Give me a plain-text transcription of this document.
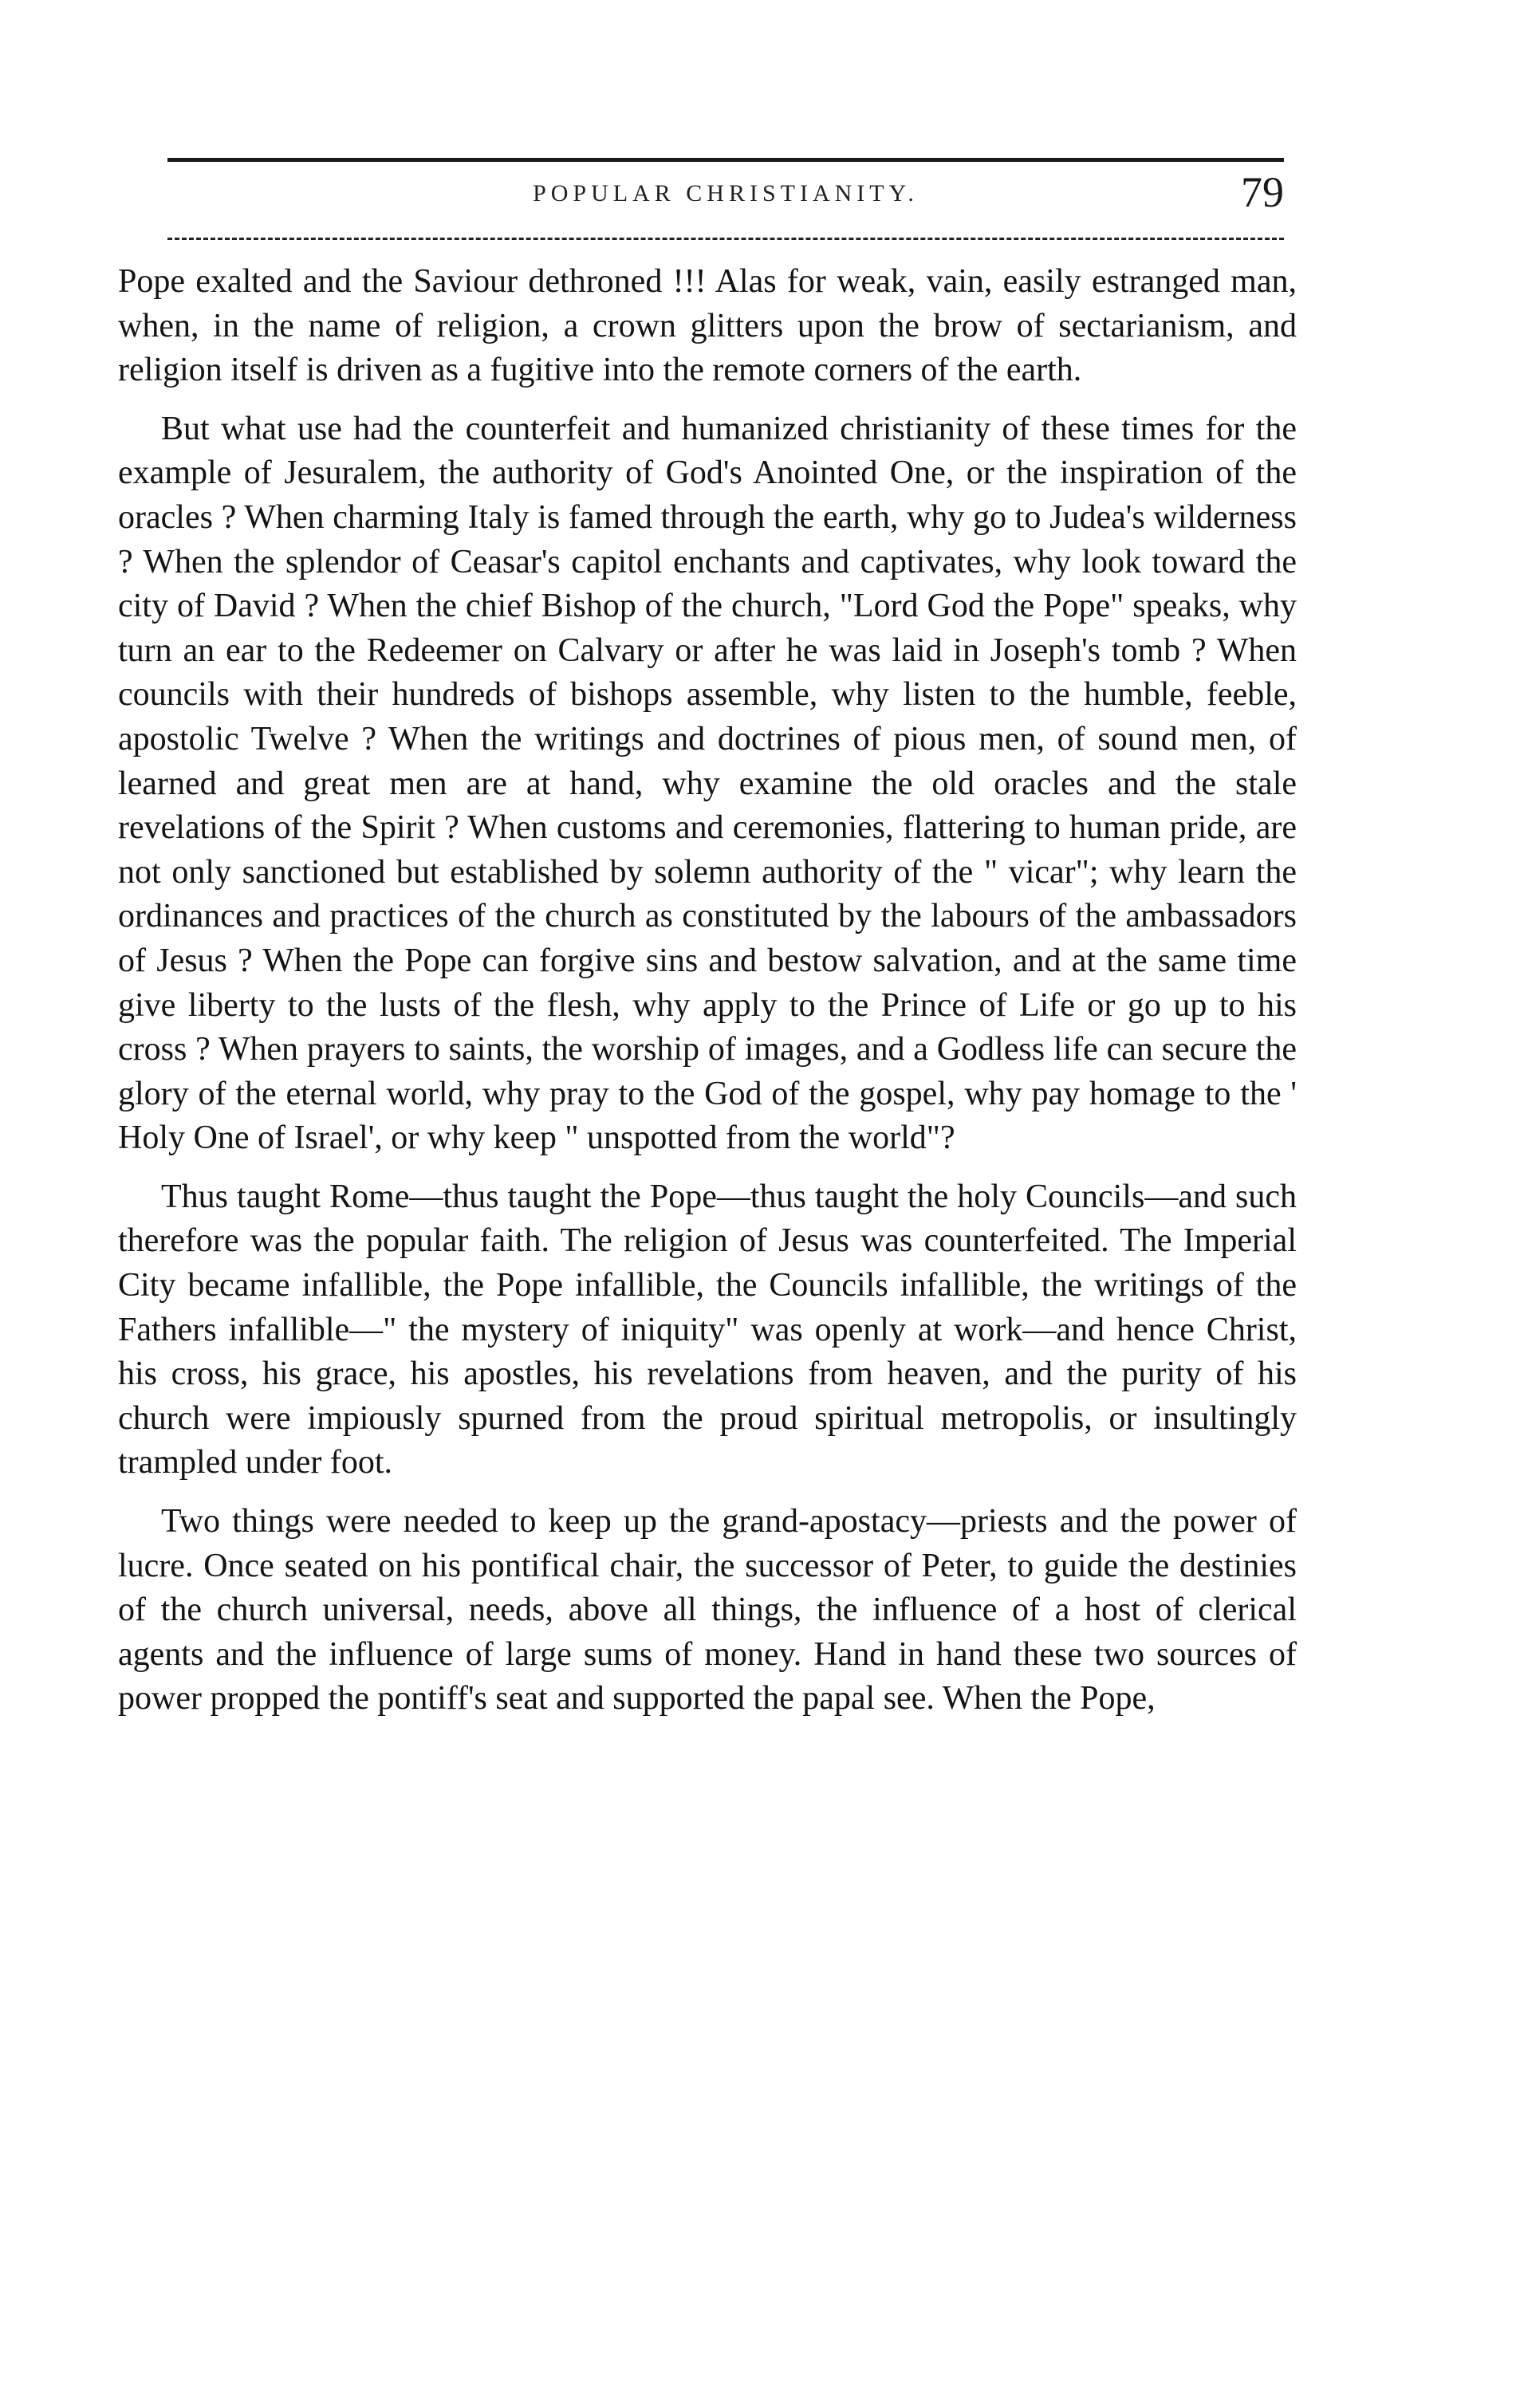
POPULAR CHRISTIANITY.	79

Pope exalted and the Saviour dethroned !!! Alas for weak, vain, easily estranged man, when, in the name of religion, a crown glitters upon the brow of sectarianism, and religion itself is driven as a fugitive into the remote corners of the earth.

But what use had the counterfeit and humanized christianity of these times for the example of Jesuralem, the authority of God's Anointed One, or the inspiration of the oracles ? When charming Italy is famed through the earth, why go to Judea's wilderness ? When the splendor of Ceasar's capitol enchants and captivates, why look toward the city of David ? When the chief Bishop of the church, "Lord God the Pope" speaks, why turn an ear to the Redeemer on Calvary or after he was laid in Joseph's tomb ? When councils with their hundreds of bishops assemble, why listen to the humble, feeble, apostolic Twelve ? When the writings and doctrines of pious men, of sound men, of learned and great men are at hand, why examine the old oracles and the stale revelations of the Spirit ? When customs and ceremonies, flattering to human pride, are not only sanctioned but established by solemn authority of the " vicar"; why learn the ordinances and practices of the church as constituted by the labours of the ambassadors of Jesus ? When the Pope can forgive sins and bestow salvation, and at the same time give liberty to the lusts of the flesh, why apply to the Prince of Life or go up to his cross ? When prayers to saints, the worship of images, and a Godless life can secure the glory of the eternal world, why pray to the God of the gospel, why pay homage to the ' Holy One of Israel', or why keep " unspotted from the world"?

Thus taught Rome—thus taught the Pope—thus taught the holy Councils—and such therefore was the popular faith. The religion of Jesus was counterfeited. The Imperial City became infallible, the Pope infallible, the Councils infallible, the writings of the Fathers infallible—" the mystery of iniquity" was openly at work—and hence Christ, his cross, his grace, his apostles, his revelations from heaven, and the purity of his church were impiously spurned from the proud spiritual metropolis, or insultingly trampled under foot.

Two things were needed to keep up the grand-apostacy—priests and the power of lucre. Once seated on his pontifical chair, the successor of Peter, to guide the destinies of the church universal, needs, above all things, the influence of a host of clerical agents and the influence of large sums of money. Hand in hand these two sources of power propped the pontiff's seat and supported the papal see. When the Pope,
